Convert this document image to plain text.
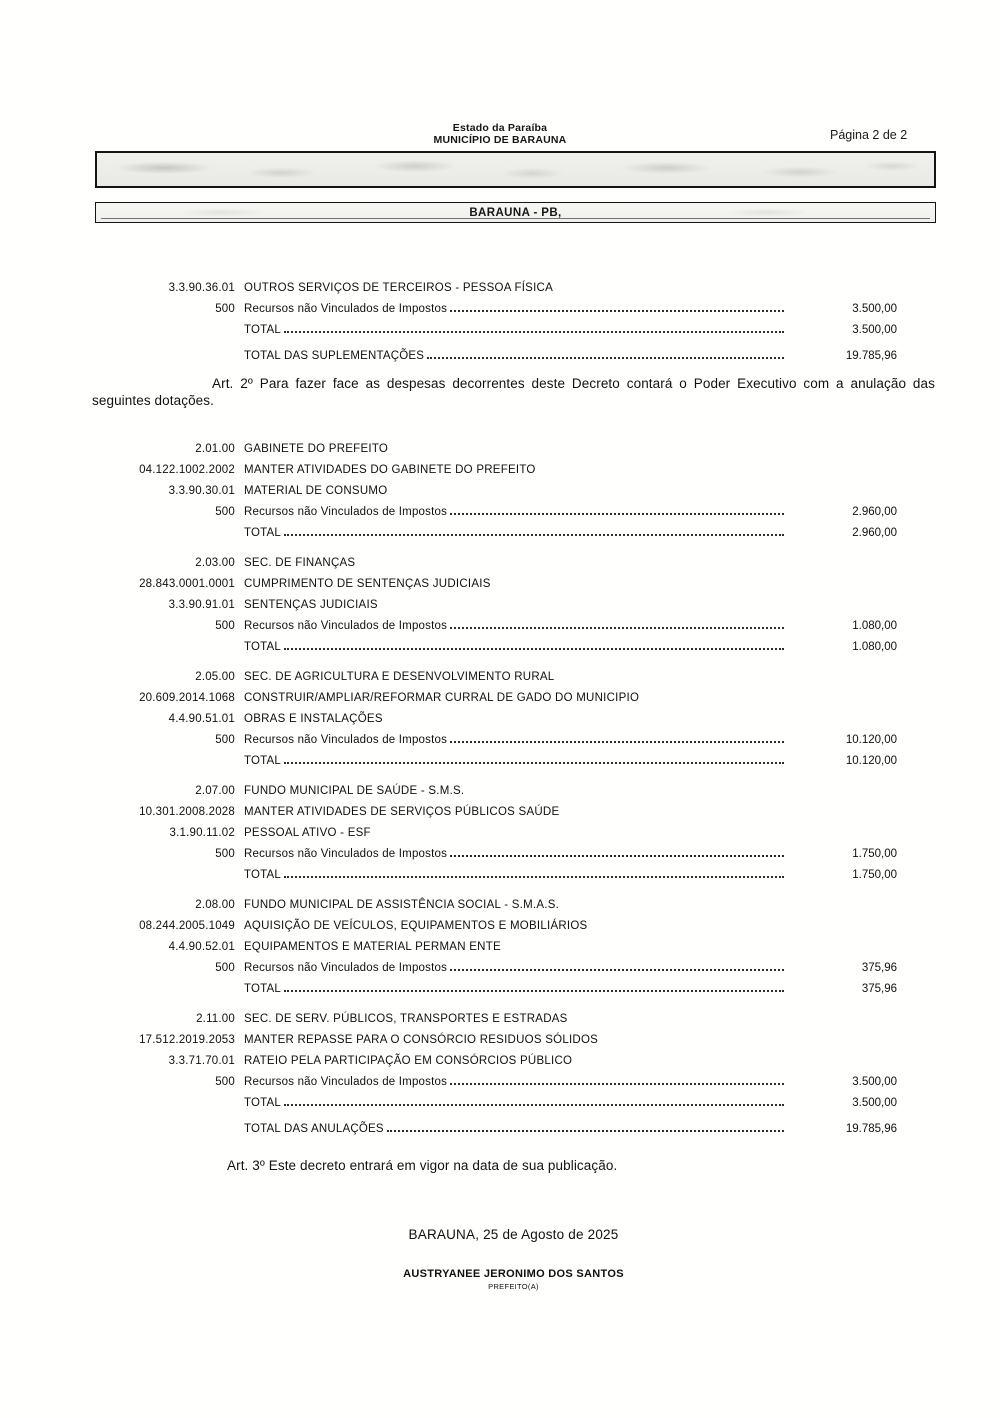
Estado da Paraíba
MUNICÍPIO DE BARAUNA	Página 2 de 2
BARAUNA - PB,
3.3.90.36.01 OUTROS SERVIÇOS DE TERCEIROS - PESSOA FÍSICA
500 Recursos não Vinculados de Impostos	3.500,00
TOTAL	3.500,00
TOTAL DAS SUPLEMENTAÇÕES	19.785,96

Art. 2º Para fazer face as despesas decorrentes deste Decreto contará o Poder Executivo com a anulação das seguintes dotações.

2.01.00 GABINETE DO PREFEITO
04.122.1002.2002 MANTER ATIVIDADES DO GABINETE DO PREFEITO
3.3.90.30.01 MATERIAL DE CONSUMO
500 Recursos não Vinculados de Impostos	2.960,00
TOTAL	2.960,00
2.03.00 SEC. DE FINANÇAS
28.843.0001.0001 CUMPRIMENTO DE SENTENÇAS JUDICIAIS
3.3.90.91.01 SENTENÇAS JUDICIAIS
500 Recursos não Vinculados de Impostos	1.080,00
TOTAL	1.080,00
2.05.00 SEC. DE AGRICULTURA E DESENVOLVIMENTO RURAL
20.609.2014.1068 CONSTRUIR/AMPLIAR/REFORMAR CURRAL DE GADO DO MUNICIPIO
4.4.90.51.01 OBRAS E INSTALAÇÕES
500 Recursos não Vinculados de Impostos	10.120,00
TOTAL	10.120,00
2.07.00 FUNDO MUNICIPAL DE SAÚDE - S.M.S.
10.301.2008.2028 MANTER ATIVIDADES DE SERVIÇOS PÚBLICOS SAÚDE
3.1.90.11.02 PESSOAL ATIVO - ESF
500 Recursos não Vinculados de Impostos	1.750,00
TOTAL	1.750,00
2.08.00 FUNDO MUNICIPAL DE ASSISTÊNCIA SOCIAL - S.M.A.S.
08.244.2005.1049 AQUISIÇÃO DE VEÍCULOS, EQUIPAMENTOS E MOBILIÁRIOS
4.4.90.52.01 EQUIPAMENTOS E MATERIAL PERMAN ENTE
500 Recursos não Vinculados de Impostos	375,96
TOTAL	375,96
2.11.00 SEC. DE SERV. PÚBLICOS, TRANSPORTES E ESTRADAS
17.512.2019.2053 MANTER REPASSE PARA O CONSÓRCIO RESIDUOS SÓLIDOS
3.3.71.70.01 RATEIO PELA PARTICIPAÇÃO EM CONSÓRCIOS PÚBLICO
500 Recursos não Vinculados de Impostos	3.500,00
TOTAL	3.500,00
TOTAL DAS ANULAÇÕES	19.785,96

Art. 3º Este decreto entrará em vigor na data de sua publicação.

BARAUNA, 25 de Agosto de 2025
AUSTRYANEE JERONIMO DOS SANTOS
PREFEITO(A)
